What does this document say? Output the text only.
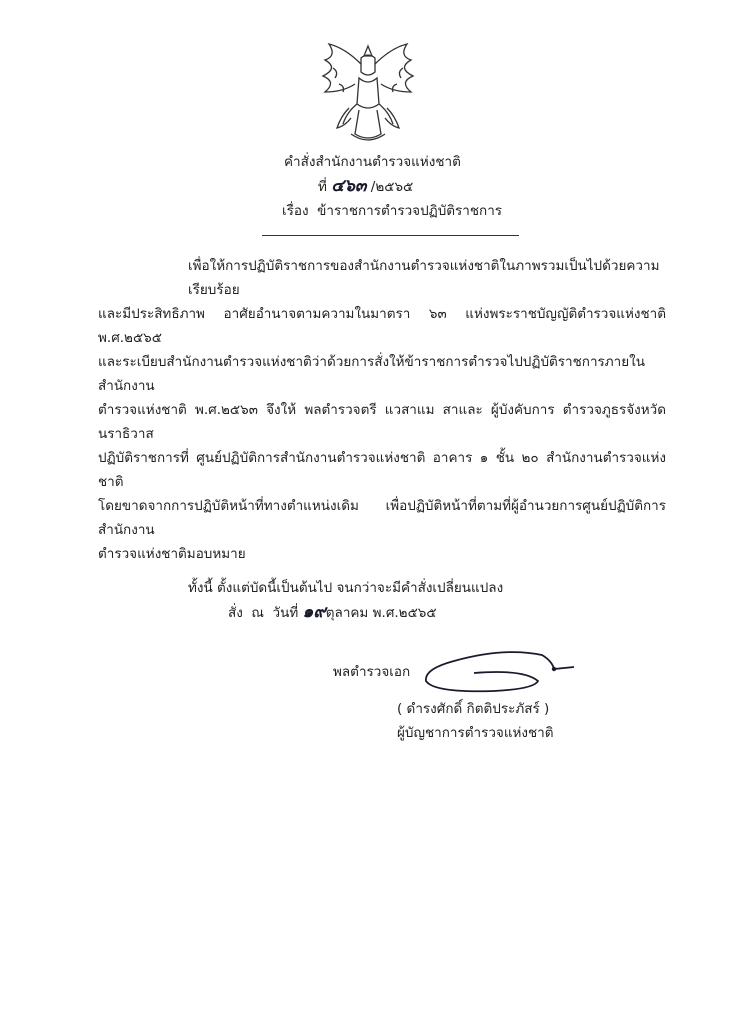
คำสั่งสำนักงานตำรวจแห่งชาติ
ที่ ๔๖๓ /๒๕๖๕
เรื่อง ข้าราชการตำรวจปฏิบัติราชการ
เพื่อให้การปฏิบัติราชการของสำนักงานตำรวจแห่งชาติในภาพรวมเป็นไปด้วยความเรียบร้อย
และมีประสิทธิภาพ อาศัยอำนาจตามความในมาตรา ๖๓ แห่งพระราชบัญญัติตำรวจแห่งชาติ พ.ศ.๒๕๖๕
และระเบียบสำนักงานตำรวจแห่งชาติว่าด้วยการสั่งให้ข้าราชการตำรวจไปปฏิบัติราชการภายในสำนักงาน
ตำรวจแห่งชาติ พ.ศ.๒๕๖๓ จึงให้ พลตำรวจตรี แวสาแม สาและ ผู้บังคับการ ตำรวจภูธรจังหวัดนราธิวาส
ปฏิบัติราชการที่ ศูนย์ปฏิบัติการสำนักงานตำรวจแห่งชาติ อาคาร ๑ ชั้น ๒๐ สำนักงานตำรวจแห่งชาติ
โดยขาดจากการปฏิบัติหน้าที่ทางตำแหน่งเดิม เพื่อปฏิบัติหน้าที่ตามที่ผู้อำนวยการศูนย์ปฏิบัติการสำนักงาน
ตำรวจแห่งชาติมอบหมาย
ทั้งนี้ ตั้งแต่บัดนี้เป็นต้นไป จนกว่าจะมีคำสั่งเปลี่ยนแปลง
สั่ง  ณ  วันที่ ๑๙ตุลาคม พ.ศ.๒๕๖๕
พลตำรวจเอก
( ดำรงศักดิ์ กิตติประภัสร์ )
ผู้บัญชาการตำรวจแห่งชาติ
